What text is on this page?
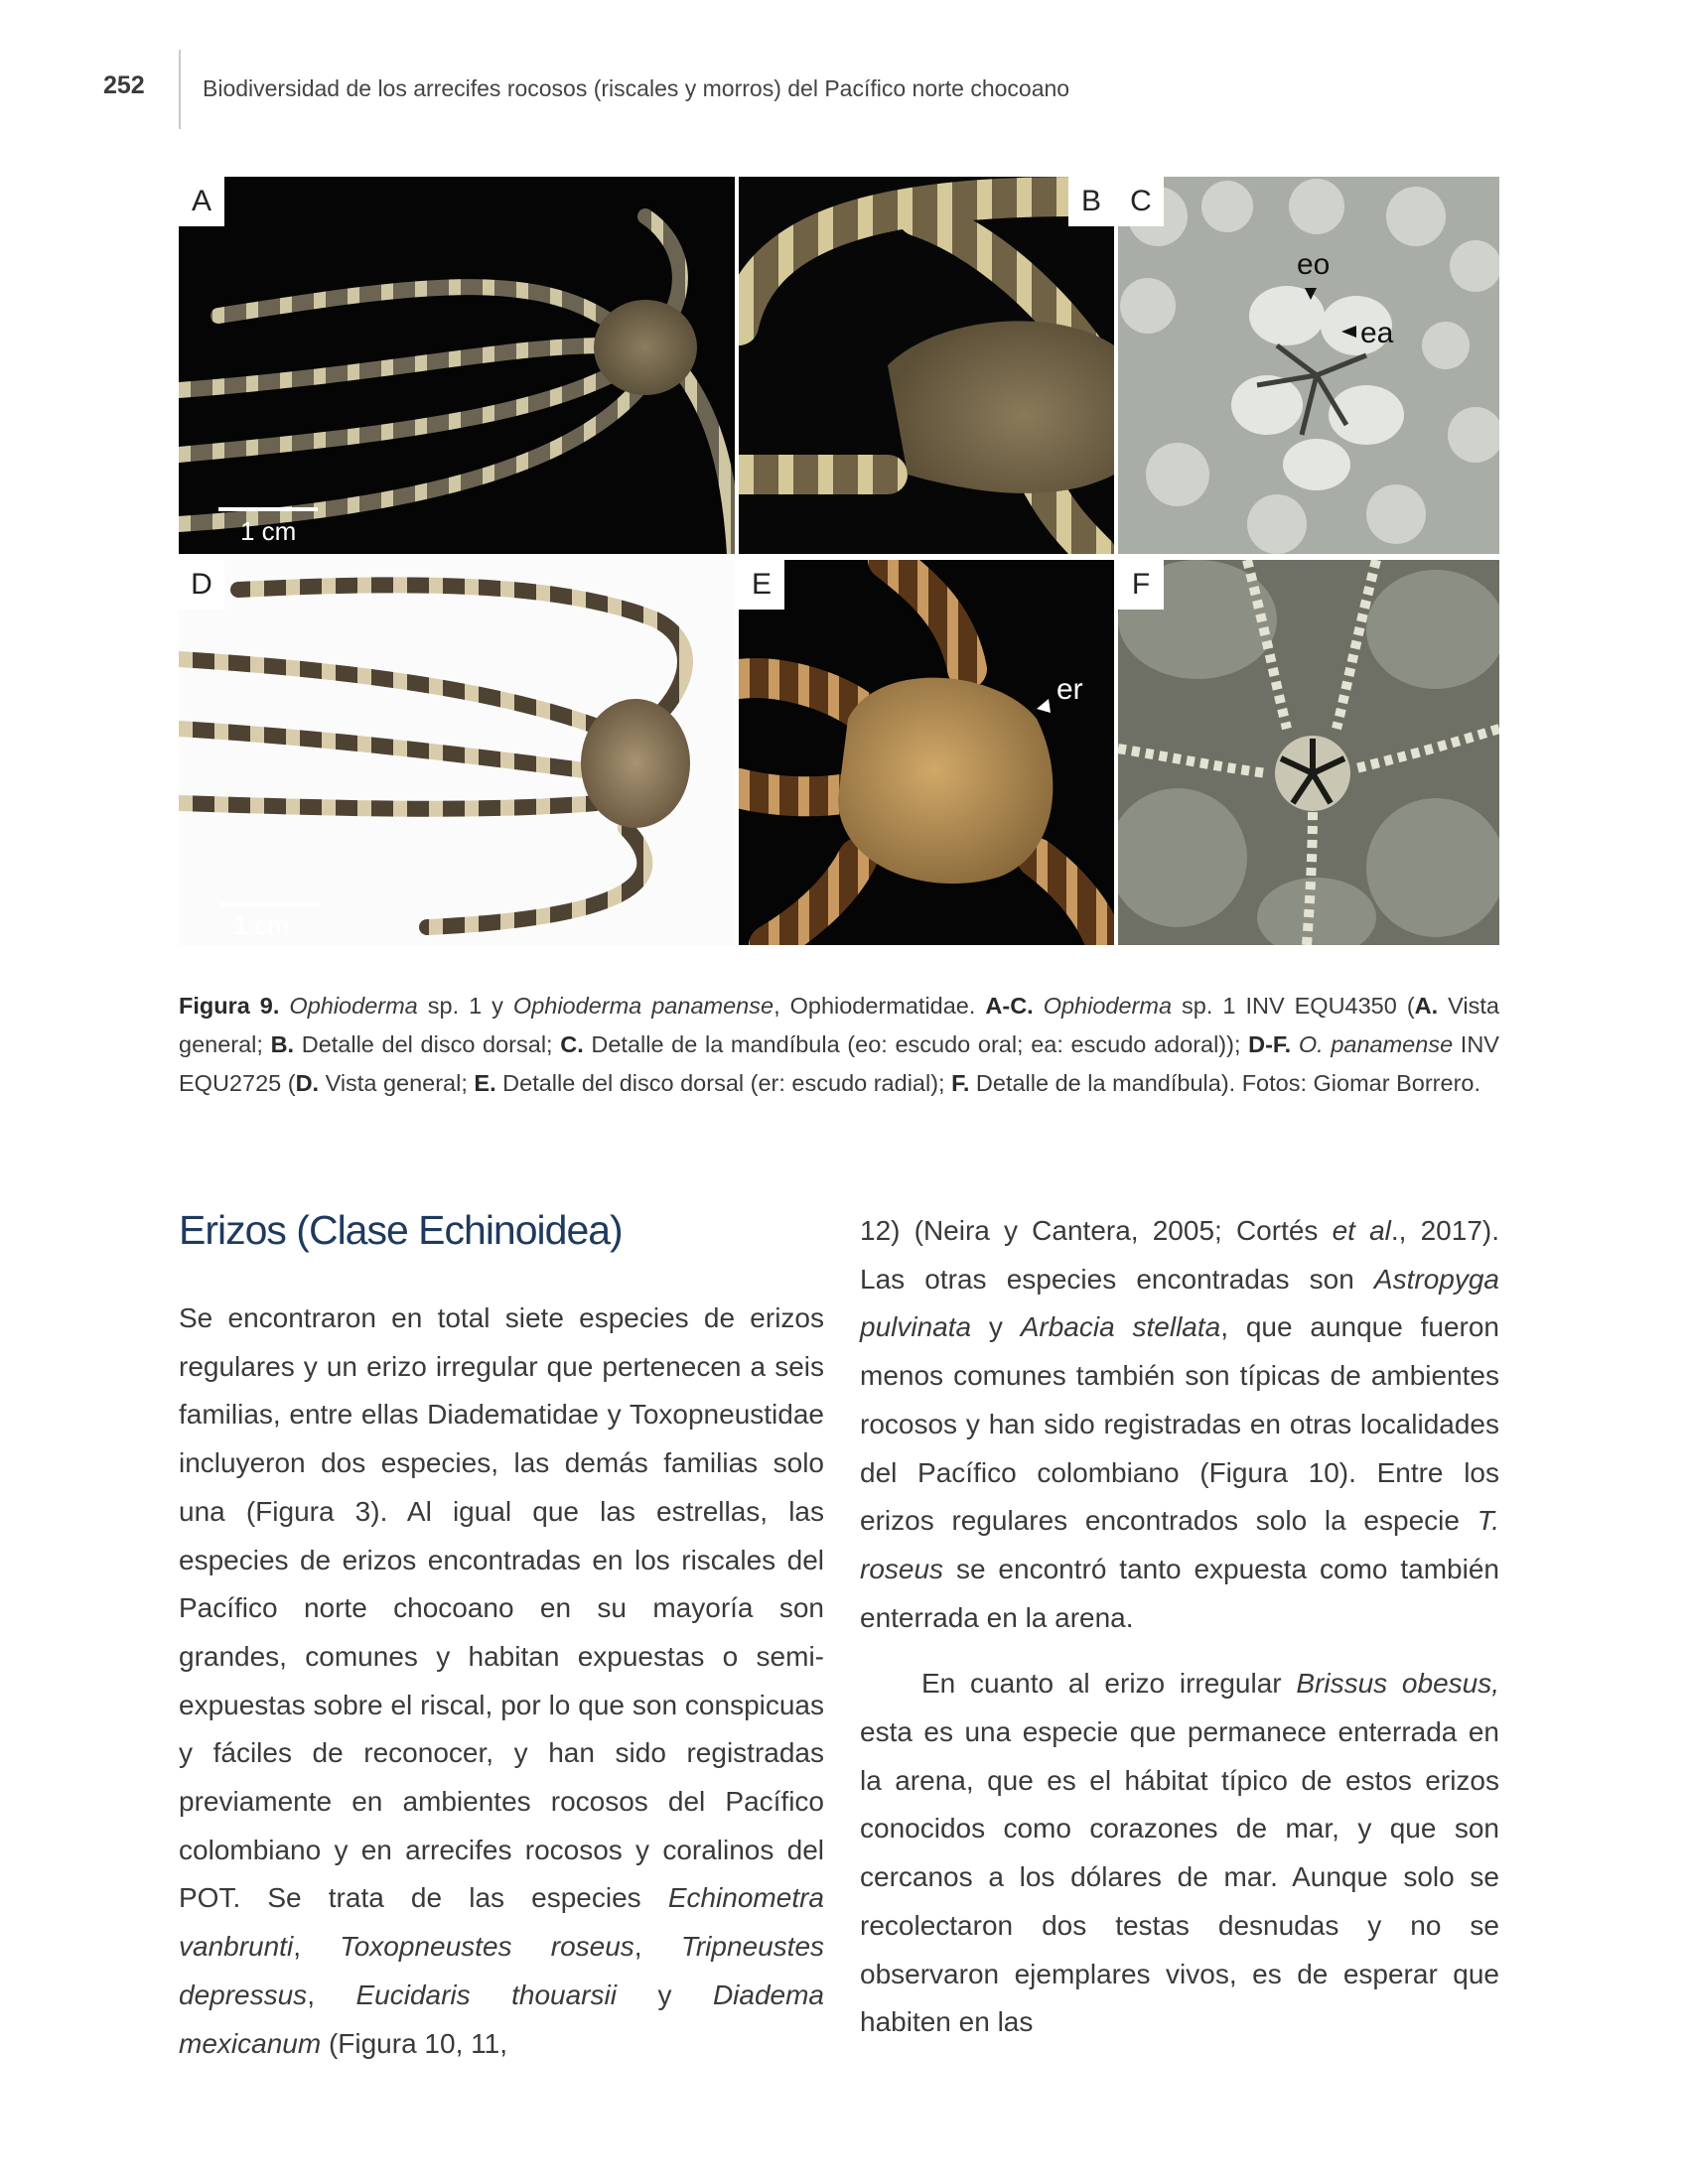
252	Biodiversidad de los arrecifes rocosos (riscales y morros) del Pacífico norte chocoano
1 cm
A	B
eo
ea
C
1 cm
D
er
E	F
Figura 9. Ophioderma sp. 1 y Ophioderma panamense, Ophiodermatidae. A-C. Ophioderma sp. 1 INV EQU4350 (A. Vista general; B. Detalle del disco dorsal; C. Detalle de la mandíbula (eo: escudo oral; ea: escudo adoral)); D-F. O. panamense INV EQU2725 (D. Vista general; E. Detalle del disco dorsal (er: escudo radial); F. Detalle de la mandíbula). Fotos: Giomar Borrero.
Erizos (Clase Echinoidea)

Se encontraron en total siete especies de erizos regulares y un erizo irregular que pertenecen a seis familias, entre ellas Diadematidae y Toxopneustidae incluyeron dos especies, las demás familias solo una (Figura 3). Al igual que las estrellas, las especies de erizos encontradas en los riscales del Pacífico norte chocoano en su mayoría son grandes, comunes y habitan expuestas o semi-expuestas sobre el riscal, por lo que son conspicuas y fáciles de reconocer, y han sido registradas previamente en ambientes rocosos del Pacífico colombiano y en arrecifes rocosos y coralinos del POT. Se trata de las especies Echinometra vanbrunti, Toxopneustes roseus, Tripneustes depressus, Eucidaris thouarsii y Diadema mexicanum (Figura 10, 11,

12) (Neira y Cantera, 2005; Cortés et al., 2017). Las otras especies encontradas son Astropyga pulvinata y Arbacia stellata, que aunque fueron menos comunes también son típicas de ambientes rocosos y han sido registradas en otras localidades del Pacífico colombiano (Figura 10). Entre los erizos regulares encontrados solo la especie T. roseus se encontró tanto expuesta como también enterrada en la arena.

En cuanto al erizo irregular Brissus obesus, esta es una especie que permanece enterrada en la arena, que es el hábitat típico de estos erizos conocidos como corazones de mar, y que son cercanos a los dólares de mar. Aunque solo se recolectaron dos testas desnudas y no se observaron ejemplares vivos, es de esperar que habiten en las
